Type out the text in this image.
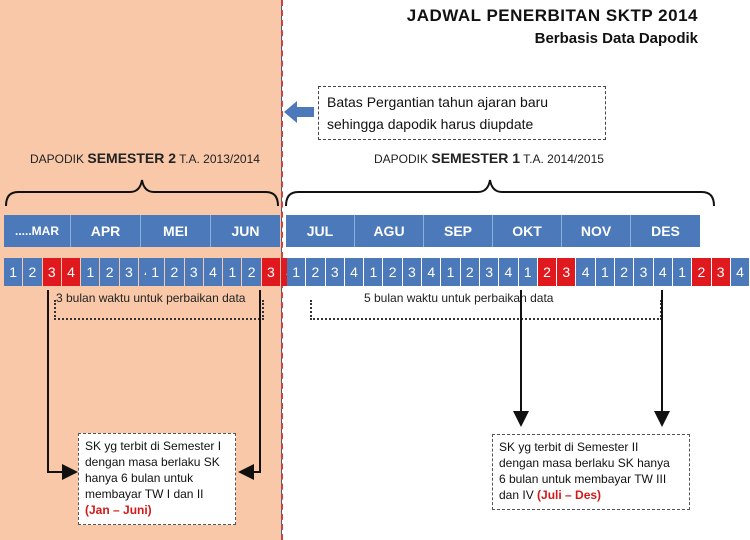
JADWAL PENERBITAN SKTP 2014
Berbasis Data Dapodik
Batas Pergantian tahun ajaran baru
sehingga dapodik harus diupdate
DAPODIK SEMESTER 2 T.A. 2013/2014	DAPODIK SEMESTER 1 T.A. 2014/2015
.....MAR	APR	MEI	JUN	JUL	AGU	SEP	OKT	NOV	DES
1 2 3 4 1 2 3	1 2 3 4 1 2 3	1 2 3 4 1 2 3 4 1 2 3 4 1 2 3 4 1 2 3 4 1 2 3 4
3 bulan waktu untuk perbaikan data	5 bulan waktu untuk perbaikan data
SK yg terbit di Semester I
dengan masa berlaku SK
hanya 6 bulan untuk
membayar TW I dan II
(Jan – Juni)
SK yg terbit di Semester II
dengan masa berlaku SK hanya
6 bulan untuk membayar TW III
dan IV (Juli – Des)
